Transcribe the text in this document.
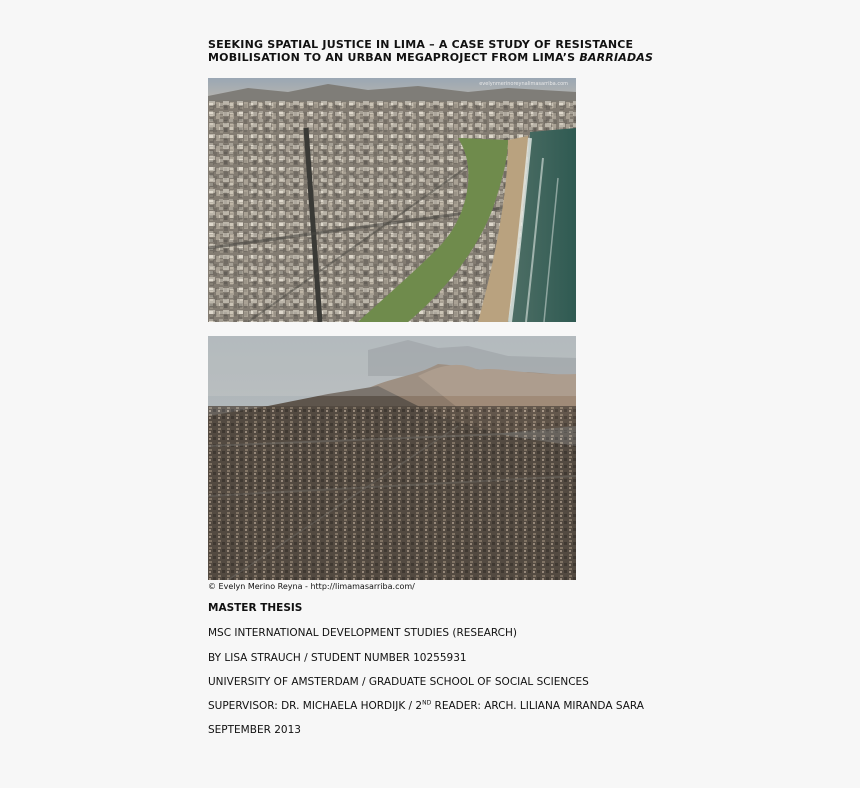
SEEKING SPATIAL JUSTICE IN LIMA – A CASE STUDY OF RESISTANCE
MOBILISATION TO AN URBAN MEGAPROJECT FROM LIMA’S BARRIADAS

evelynmerinoreynalimasarriba.com
© Evelyn Merino Reyna - http://limamasarriba.com/

MASTER THESIS

MSC INTERNATIONAL DEVELOPMENT STUDIES (RESEARCH)

BY LISA STRAUCH / STUDENT NUMBER 10255931

UNIVERSITY OF AMSTERDAM / GRADUATE SCHOOL OF SOCIAL SCIENCES

SUPERVISOR: DR. MICHAELA HORDIJK / 2ND READER: ARCH. LILIANA MIRANDA SARA

SEPTEMBER 2013
